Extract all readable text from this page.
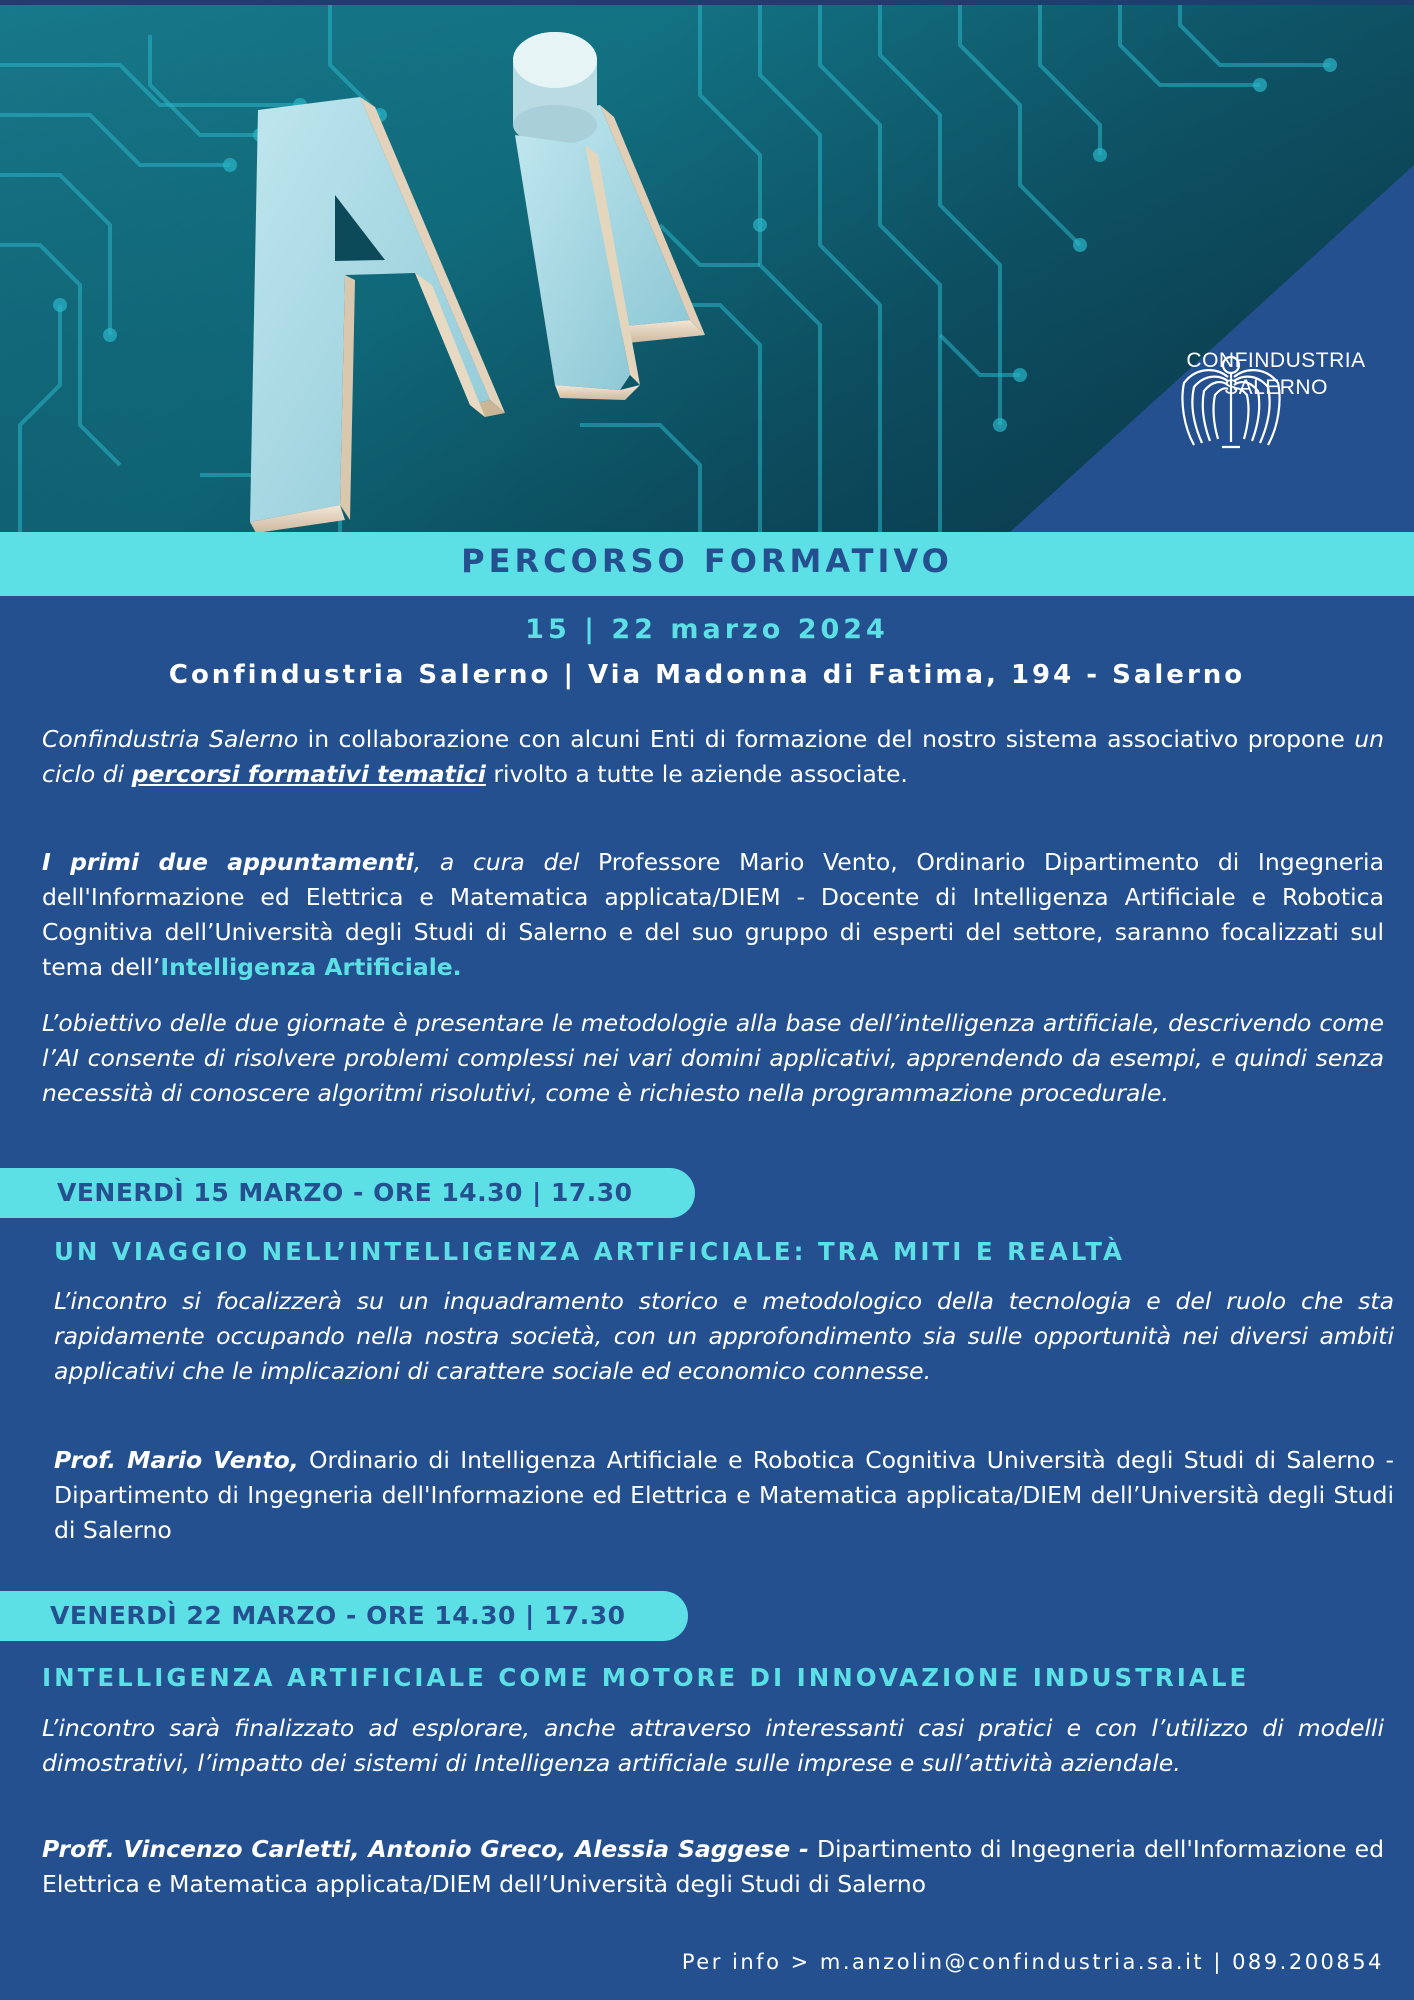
CONFINDUSTRIA
SALERNO
PERCORSO FORMATIVO
15 | 22 marzo 2024
Confindustria Salerno | Via Madonna di Fatima, 194 - Salerno
Confindustria Salerno in collaborazione con alcuni Enti di formazione del nostro sistema associativo propone un ciclo di percorsi formativi tematici rivolto a tutte le aziende associate.
I primi due appuntamenti, a cura del Professore Mario Vento, Ordinario Dipartimento di Ingegneria dell'Informazione ed Elettrica e Matematica applicata/DIEM - Docente di Intelligenza Artificiale e Robotica Cognitiva dell’Università degli Studi di Salerno e del suo gruppo di esperti del settore, saranno focalizzati sul tema dell’Intelligenza Artificiale.
L’obiettivo delle due giornate è presentare le metodologie alla base dell’intelligenza artificiale, descrivendo come l’AI consente di risolvere problemi complessi nei vari domini applicativi, apprendendo da esempi, e quindi senza necessità di conoscere algoritmi risolutivi, come è richiesto nella programmazione procedurale.
VENERDÌ 15 MARZO - ORE 14.30 | 17.30
UN VIAGGIO NELL’INTELLIGENZA ARTIFICIALE: TRA MITI E REALTÀ
L’incontro si focalizzerà su un inquadramento storico e metodologico della tecnologia e del ruolo che sta rapidamente occupando nella nostra società, con un approfondimento sia sulle opportunità nei diversi ambiti applicativi che le implicazioni di carattere sociale ed economico connesse.
Prof. Mario Vento, Ordinario di Intelligenza Artificiale e Robotica Cognitiva Università degli Studi di Salerno - Dipartimento di Ingegneria dell'Informazione ed Elettrica e Matematica applicata/DIEM dell’Università degli Studi di Salerno
VENERDÌ 22 MARZO - ORE 14.30 | 17.30
INTELLIGENZA ARTIFICIALE COME MOTORE DI INNOVAZIONE INDUSTRIALE
L’incontro sarà finalizzato ad esplorare, anche attraverso interessanti casi pratici e con l’utilizzo di modelli dimostrativi, l’impatto dei sistemi di Intelligenza artificiale sulle imprese e sull’attività aziendale.
Proff. Vincenzo Carletti, Antonio Greco, Alessia Saggese - Dipartimento di Ingegneria dell'Informazione ed Elettrica e Matematica applicata/DIEM dell’Università degli Studi di Salerno
Per info > m.anzolin@confindustria.sa.it | 089.200854
